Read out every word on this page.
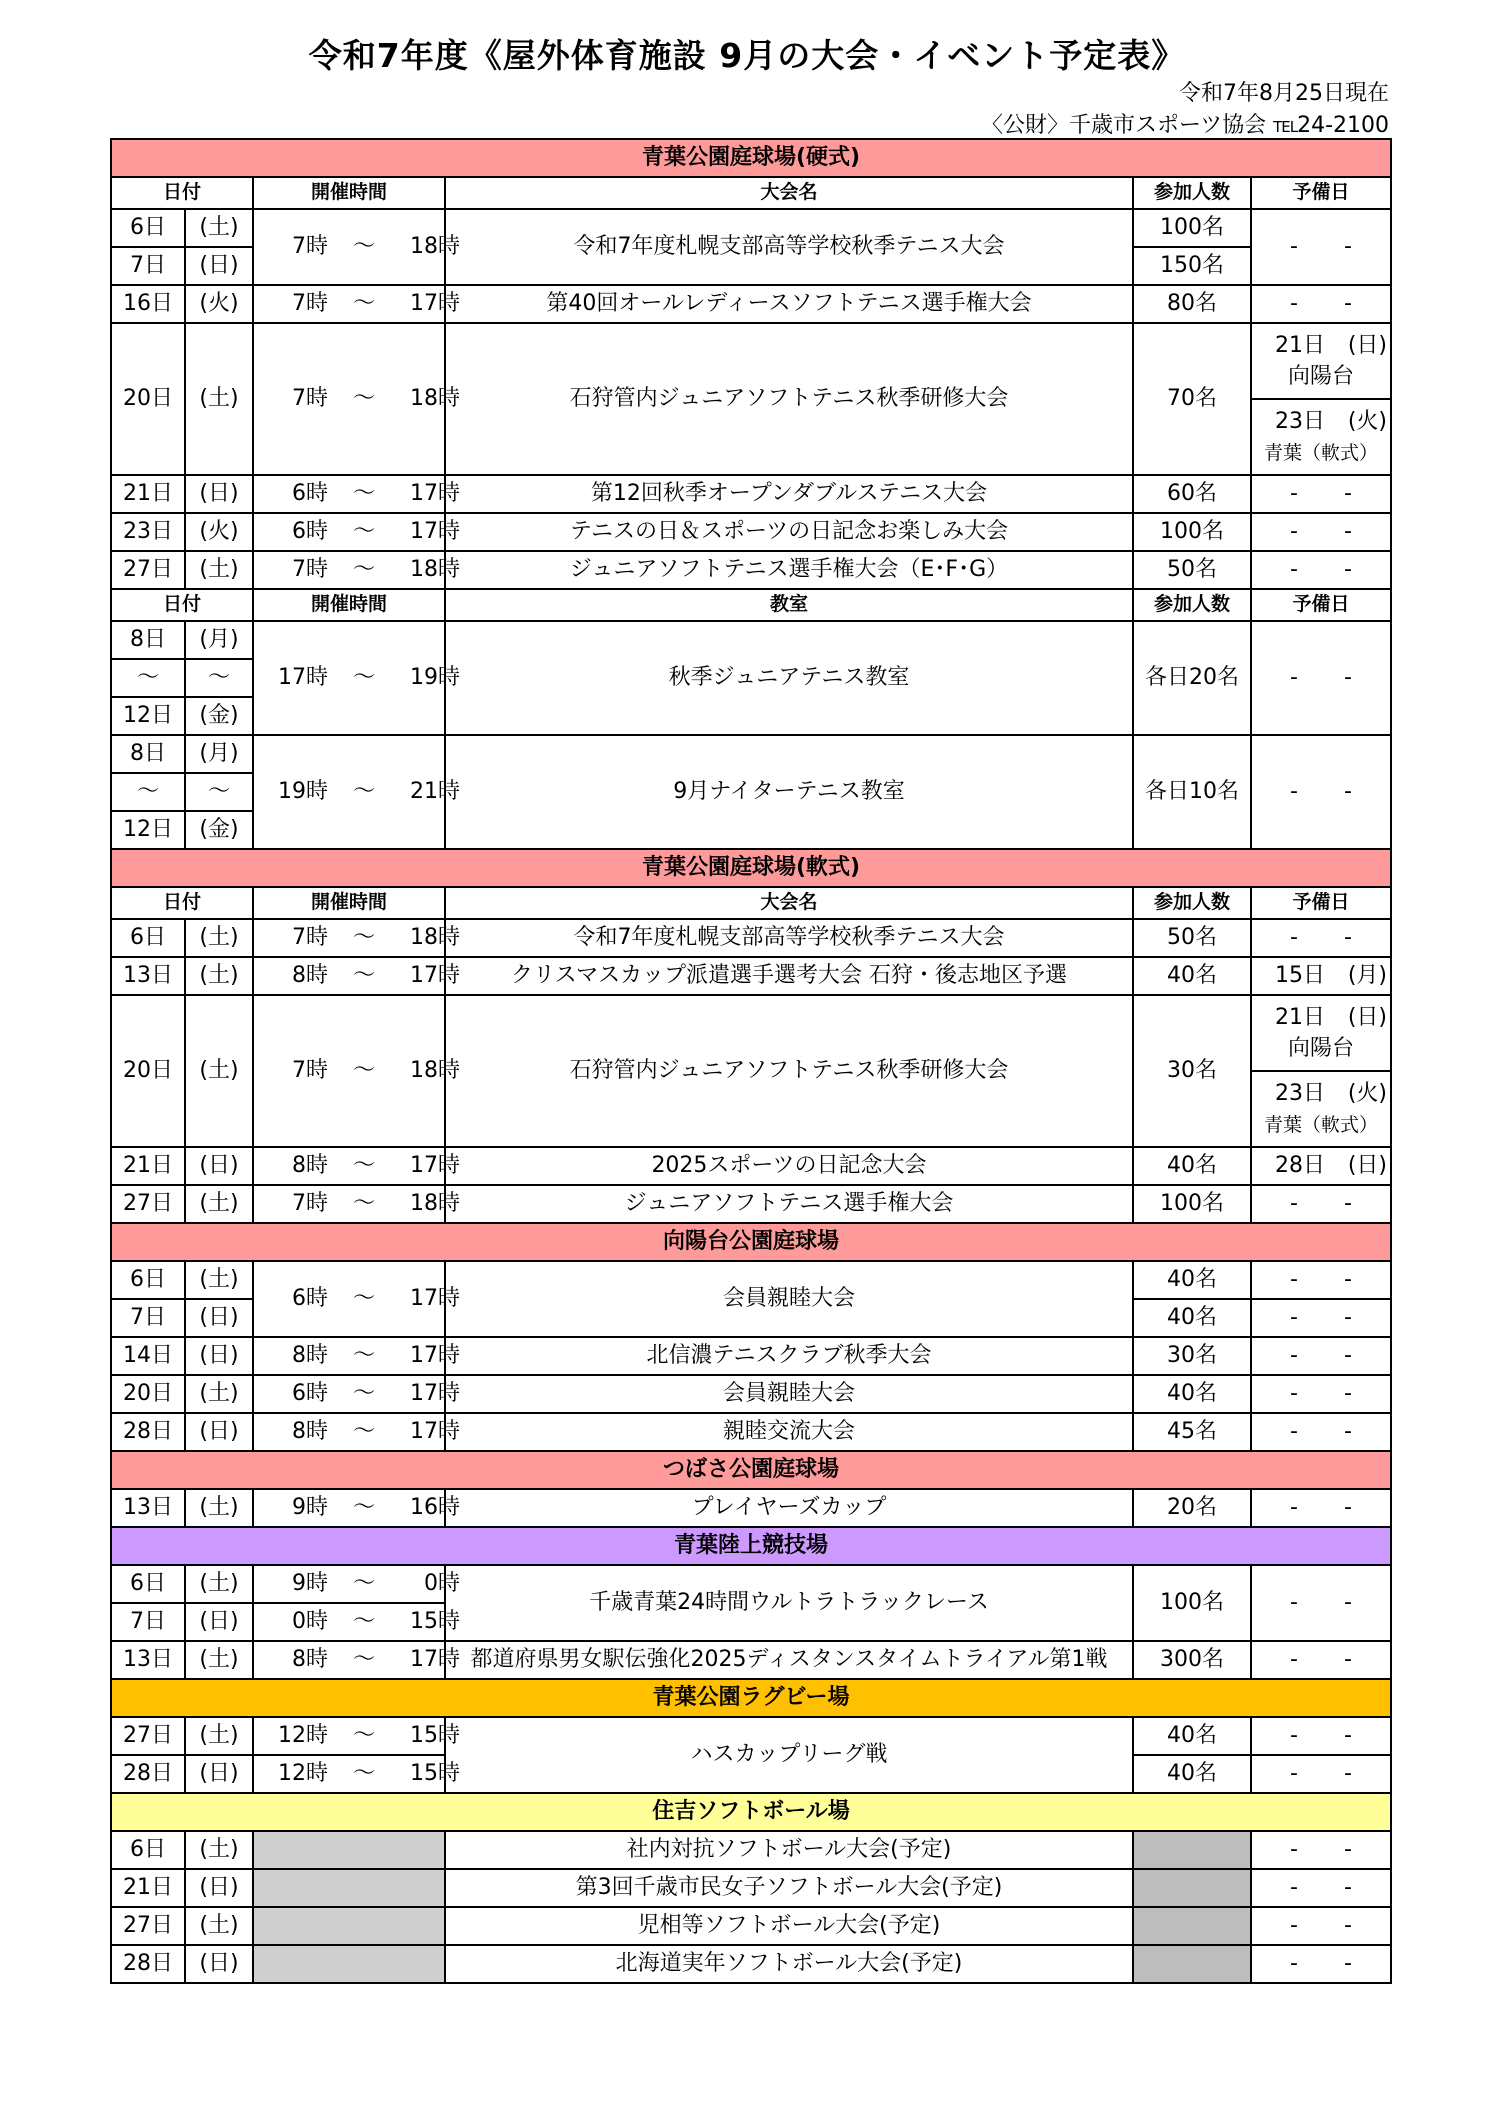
令和7年度《屋外体育施設 9月の大会・イベント予定表》
令和7年8月25日現在
〈公財〉千歳市スポーツ協会 TEL24-2100
青葉公園庭球場(硬式)					
日付		開催時間	大会名	参加人数	予備日
6日	(土)	7時 ～ 18時	令和7年度札幌支部高等学校秋季テニス大会	100名	- -
7日	(日)			150名	
16日	(火)	7時 ～ 17時	第40回オールレディースソフトテニス選手権大会	80名	- -
20日	(土)	7時 ～ 18時	石狩管内ジュニアソフトテニス秋季研修大会	70名	21日 (日)
向陽台

					23日 (火)
青葉（軟式）

21日	(日)	6時 ～ 17時	第12回秋季オープンダブルステニス大会	60名	- -
23日	(火)	6時 ～ 17時	テニスの日＆スポーツの日記念お楽しみ大会	100名	- -
27日	(土)	7時 ～ 18時	ジュニアソフトテニス選手権大会（E･F･G）	50名	- -
日付		開催時間	教室	参加人数	予備日
8日	(月)	17時 ～ 19時	秋季ジュニアテニス教室	各日20名	- -
～	～				
12日	(金)				
8日	(月)	19時 ～ 21時	9月ナイターテニス教室	各日10名	- -
～	～				
12日	(金)				
青葉公園庭球場(軟式)					
日付		開催時間	大会名	参加人数	予備日
6日	(土)	7時 ～ 18時	令和7年度札幌支部高等学校秋季テニス大会	50名	- -
13日	(土)	8時 ～ 17時	クリスマスカップ派遣選手選考大会 石狩・後志地区予選	40名	15日 (月)
20日	(土)	7時 ～ 18時	石狩管内ジュニアソフトテニス秋季研修大会	30名	21日 (日)
向陽台

					23日 (火)
青葉（軟式）

21日	(日)	8時 ～ 17時	2025スポーツの日記念大会	40名	28日 (日)
27日	(土)	7時 ～ 18時	ジュニアソフトテニス選手権大会	100名	- -
向陽台公園庭球場					
6日	(土)	6時 ～ 17時	会員親睦大会	40名	- -
7日	(日)			40名	- -
14日	(日)	8時 ～ 17時	北信濃テニスクラブ秋季大会	30名	- -
20日	(土)	6時 ～ 17時	会員親睦大会	40名	- -
28日	(日)	8時 ～ 17時	親睦交流大会	45名	- -
つばさ公園庭球場					
13日	(土)	9時 ～ 16時	プレイヤーズカップ	20名	- -
青葉陸上競技場					
6日	(土)	9時 ～ 0時	千歳青葉24時間ウルトラトラックレース	100名	- -
7日	(日)	0時 ～ 15時			
13日	(土)	8時 ～ 17時	都道府県男女駅伝強化2025ディスタンスタイムトライアル第1戦	300名	- -
青葉公園ラグビー場					
27日	(土)	12時 ～ 15時	ハスカップリーグ戦	40名	- -
28日	(日)	12時 ～ 15時		40名	- -
住吉ソフトボール場					
6日	(土)		社内対抗ソフトボール大会(予定)		- -
21日	(日)		第3回千歳市民女子ソフトボール大会(予定)		- -
27日	(土)		児相等ソフトボール大会(予定)		- -
28日	(日)		北海道実年ソフトボール大会(予定)		- -
